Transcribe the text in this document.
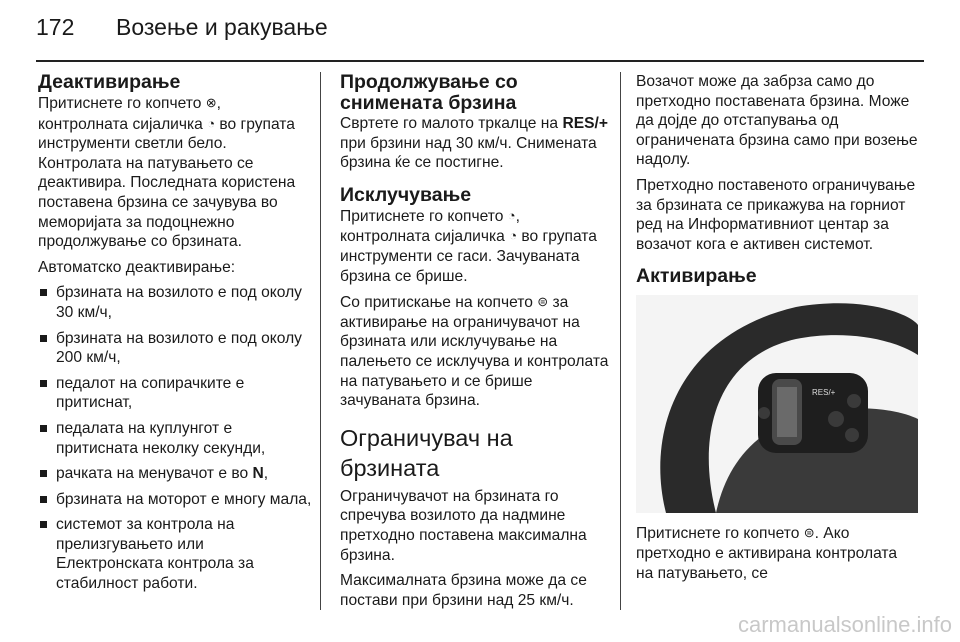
172 Возење и ракување
Деактивирање

Притиснете го копчето ⊗, контролната сијаличка ◔ во групата инструменти светли бело. Контролата на патувањето се деактивира. Последната користена поставена брзина се зачувува во меморијата за подоцнежно продолжување со брзината.

Автоматско деактивирање:

брзината на возилото е под околу 30 км/ч,
брзината на возилото е под околу 200 км/ч,
педалот на сопирачките е притиснат,
педалата на куплунгот е притисната неколку секунди,
рачката на менувачот е во N,
брзината на моторот е многу мала,
системот за контрола на прелизгувањето или Електронската контрола за стабилност работи.
Продолжување со снимената брзина

Свртете го малото тркалце на RES/+ при брзини над 30 км/ч. Снимената брзина ќе се постигне.

Исклучување

Притиснете го копчето ◔, контролната сијаличка ◔ во групата инструменти се гаси. Зачуваната брзина се брише.

Со притискање на копчето ⊜ за активирање на ограничувачот на брзината или исклучување на палењето се исклучува и контролата на патувањето и се брише зачуваната брзина.

Ограничувач на брзината

Ограничувачот на брзината го спречува возилото да надмине претходно поставена максимална брзина.

Максималната брзина може да се постави при брзини над 25 км/ч.

Возачот може да забрза само до претходно поставената брзина. Може да дојде до отстапувања од ограничената брзина само при возење надолу.

Претходно поставеното ограничување за брзината се прикажува на горниот ред на Информативниот центар за возачот кога е активен системот.

Активирање
RES/+

Притиснете го копчето ⊜. Ако претходно е активирана контролата на патувањето, се

carmanualsonline.info
